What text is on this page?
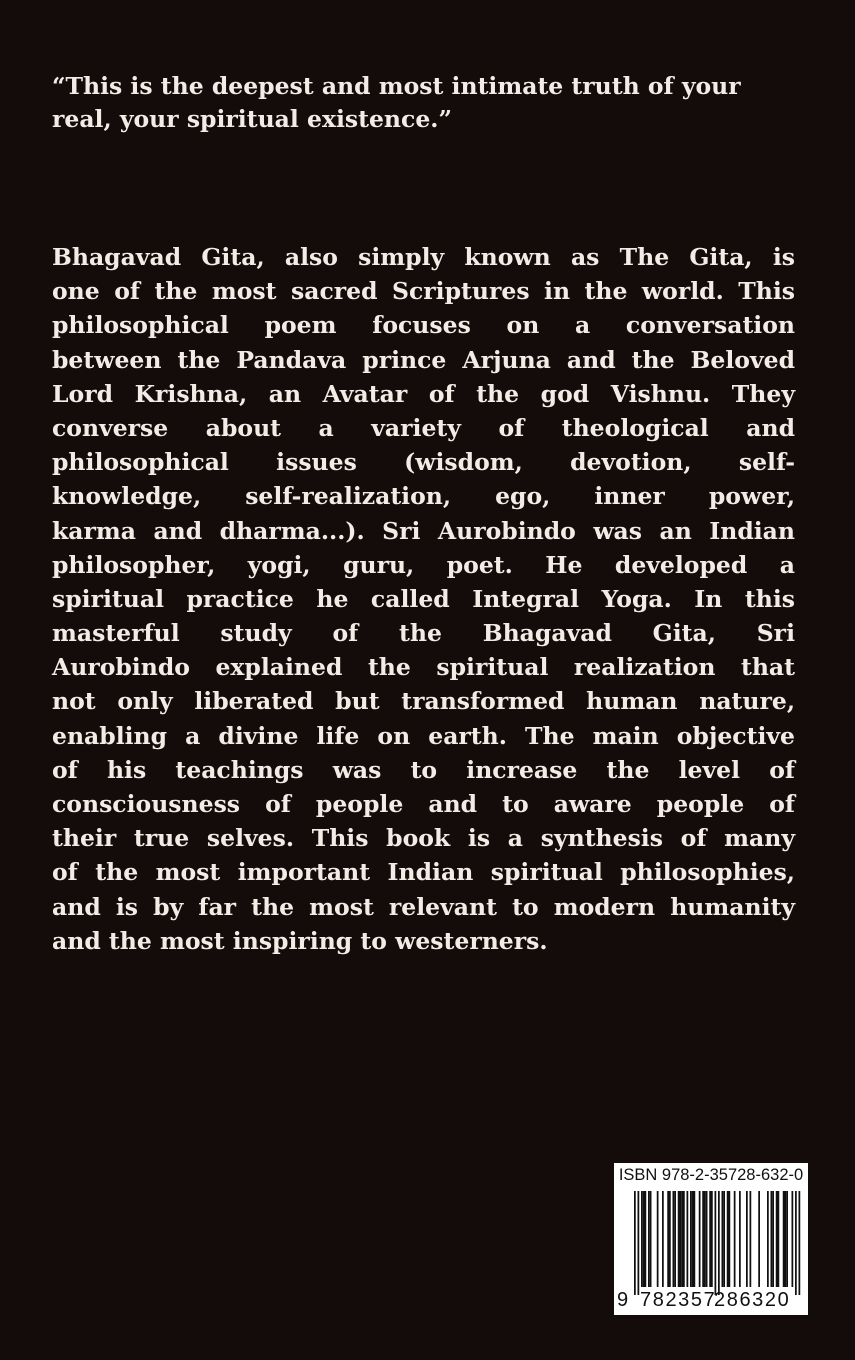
“This is the deepest and most intimate truth of your
real, your spiritual existence.”
Bhagavad Gita, also simply known as The Gita, is
one of the most sacred Scriptures in the world. This
philosophical poem focuses on a conversation
between the Pandava prince Arjuna and the Beloved
Lord Krishna, an Avatar of the god Vishnu. They
converse about a variety of theological and
philosophical issues (wisdom, devotion, self-
knowledge, self-realization, ego, inner power,
karma and dharma...). Sri Aurobindo was an Indian
philosopher, yogi, guru, poet. He developed a
spiritual practice he called Integral Yoga. In this
masterful study of the Bhagavad Gita, Sri
Aurobindo explained the spiritual realization that
not only liberated but transformed human nature,
enabling a divine life on earth. The main objective
of his teachings was to increase the level of
consciousness of people and to aware people of
their true selves. This book is a synthesis of many
of the most important Indian spiritual philosophies,
and is by far the most relevant to modern humanity
and the most inspiring to westerners.
ISBN 978-2-35728-632-0
9 782357
286320
